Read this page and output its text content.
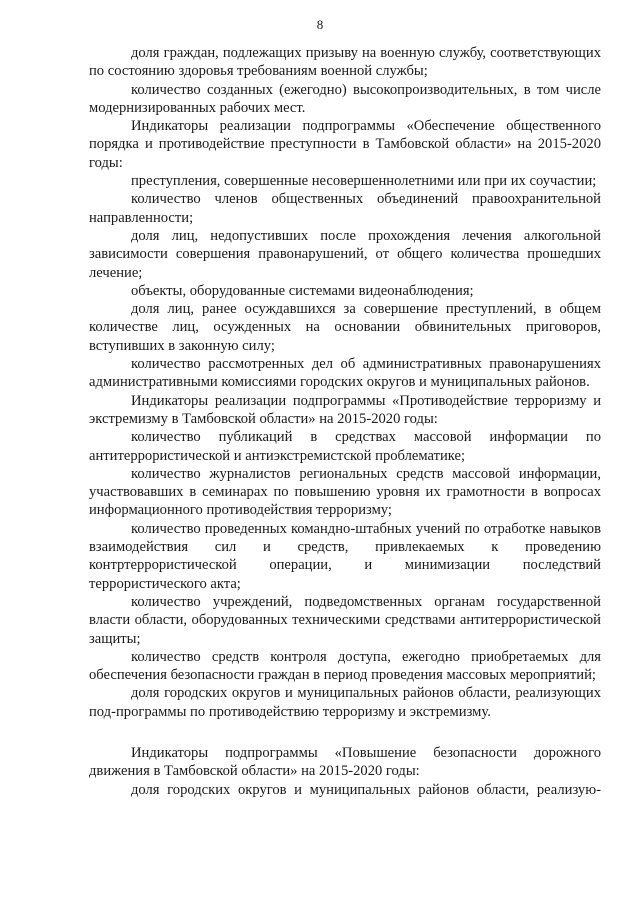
8

доля граждан, подлежащих призыву на военную службу, соответствующих по состоянию здоровья требованиям военной службы;

количество созданных (ежегодно) высокопроизводительных, в том числе модернизированных рабочих мест.

Индикаторы реализации подпрограммы «Обеспечение общественного порядка и противодействие преступности в Тамбовской области» на 2015-2020 годы:

преступления, совершенные несовершеннолетними или при их соучастии;

количество членов общественных объединений правоохранительной направленности;

доля лиц, недопустивших после прохождения лечения алкогольной зависимости совершения правонарушений, от общего количества прошедших лечение;

объекты, оборудованные системами видеонаблюдения;

доля лиц, ранее осуждавшихся за совершение преступлений, в общем количестве лиц, осужденных на основании обвинительных приговоров, вступивших в законную силу;

количество рассмотренных дел об административных правонарушениях административными комиссиями городских округов и муниципальных районов.

Индикаторы реализации подпрограммы «Противодействие терроризму и экстремизму в Тамбовской области» на 2015-2020 годы:

количество публикаций в средствах массовой информации по антитеррористической и антиэкстремистской проблематике;

количество журналистов региональных средств массовой информации, участвовавших в семинарах по повышению уровня их грамотности в вопросах информационного противодействия терроризму;

количество проведенных командно-штабных учений по отработке навыков взаимодействия сил и средств, привлекаемых к проведению контртеррористической операции, и минимизации последствий террористического акта;

количество учреждений, подведомственных органам государственной власти области, оборудованных техническими средствами антитеррористической защиты;

количество средств контроля доступа, ежегодно приобретаемых для обеспечения безопасности граждан в период проведения массовых мероприятий;

доля городских округов и муниципальных районов области, реализующих под-программы по противодействию терроризму и экстремизму.

Индикаторы подпрограммы «Повышение безопасности дорожного движения в Тамбовской области» на 2015-2020 годы:

доля городских округов и муниципальных районов области, реализую-
